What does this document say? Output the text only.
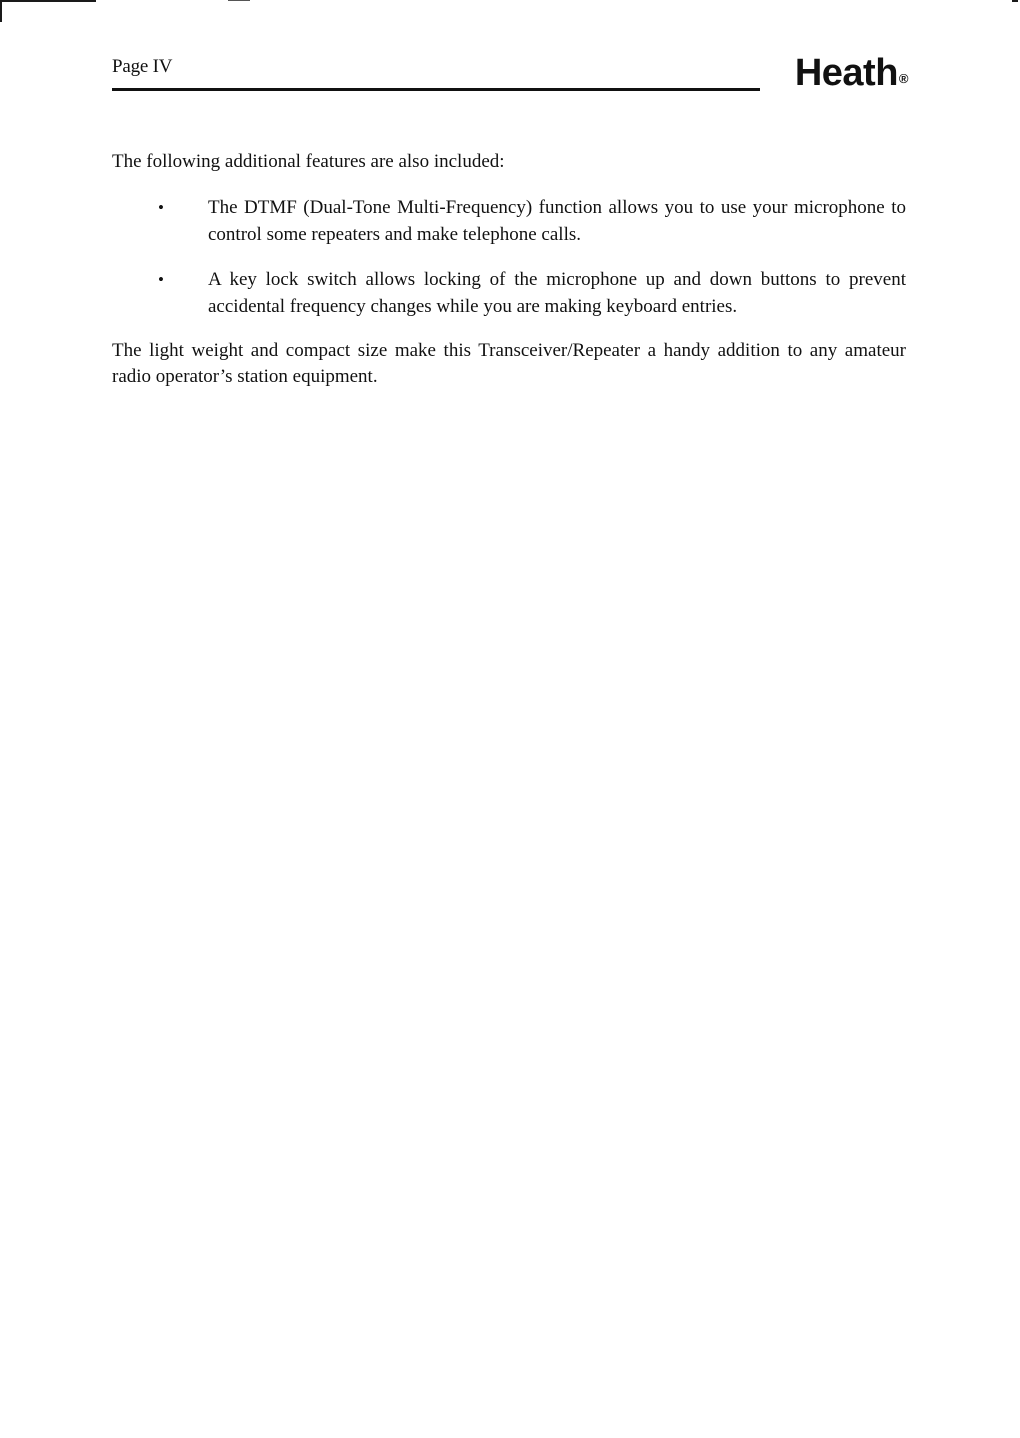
Page IV	Heath®

The following additional features are also included:

• The DTMF (Dual-Tone Multi-Frequency) function allows you to use your microphone to control some repeaters and make telephone calls.
• A key lock switch allows locking of the microphone up and down buttons to prevent accidental frequency changes while you are making keyboard entries.

The light weight and compact size make this Transceiver/Repeater a handy addition to any amateur radio operator’s station equipment.
